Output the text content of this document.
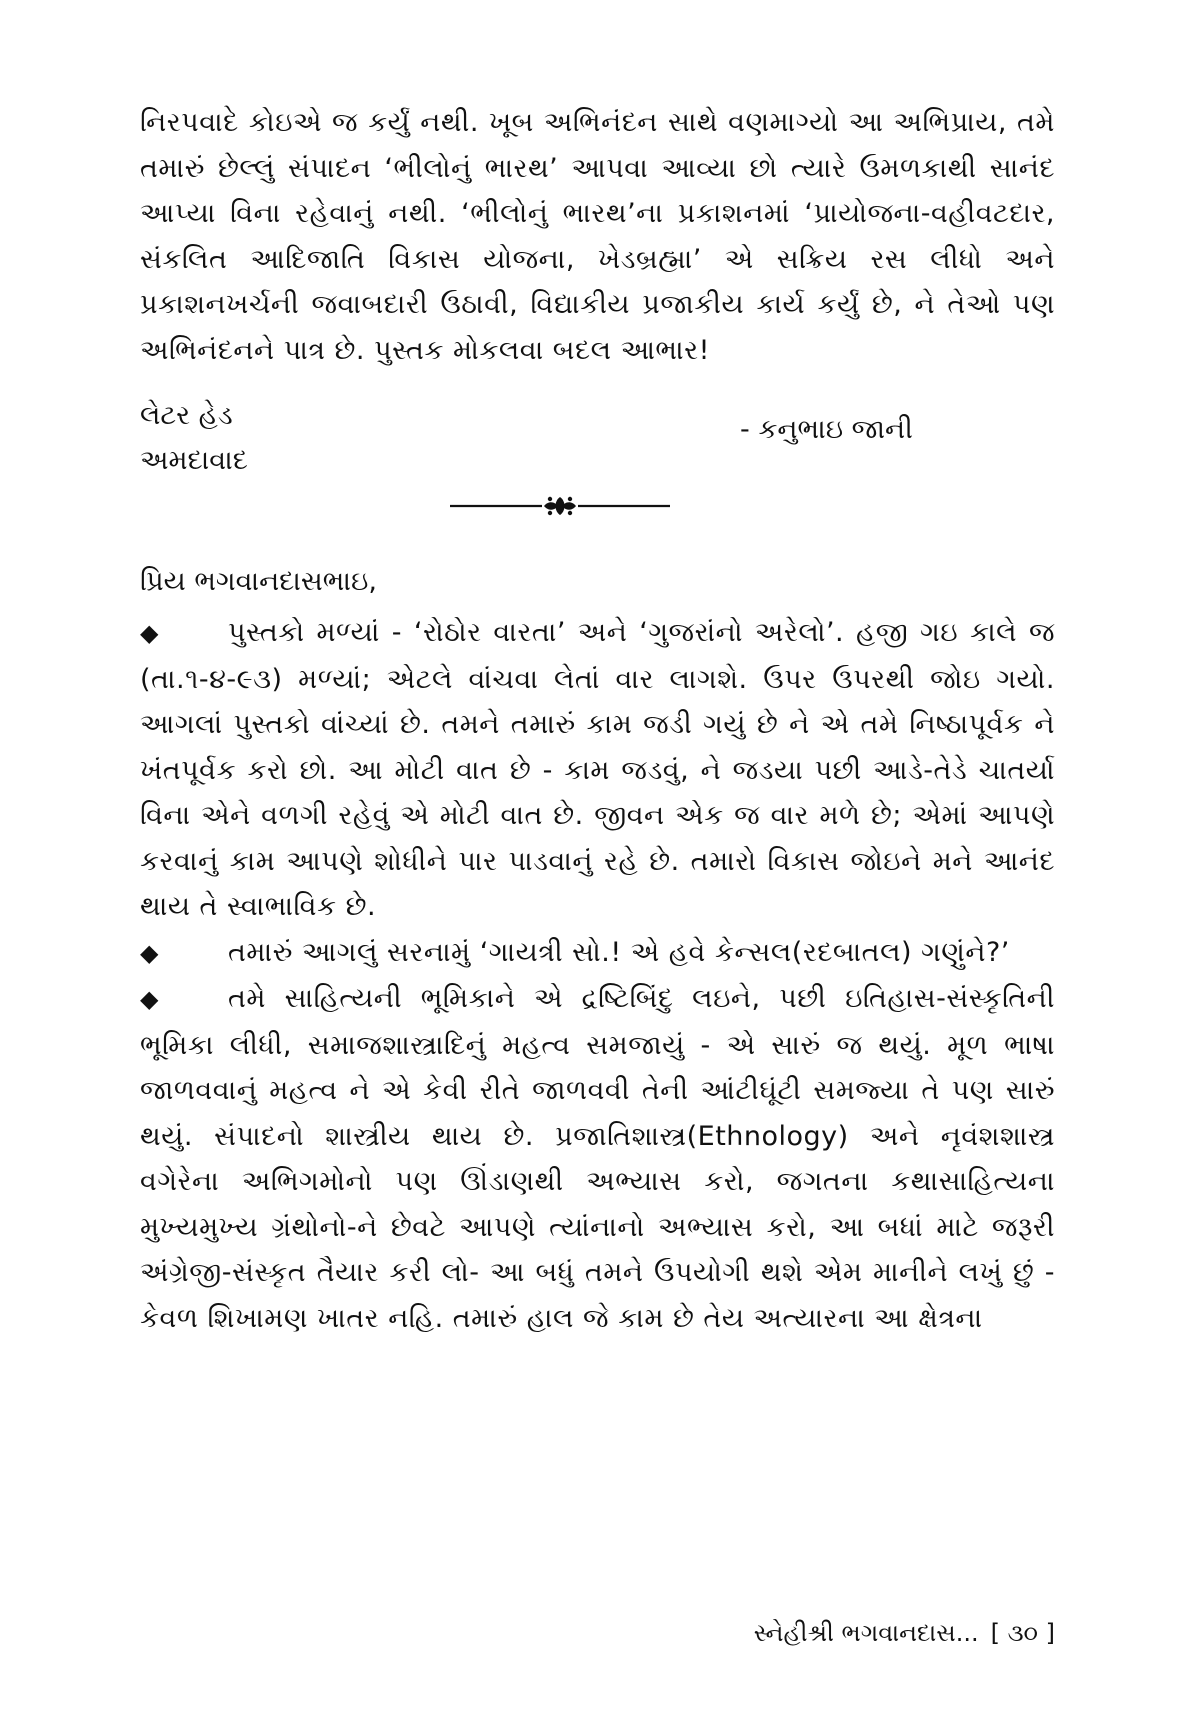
નિરપવાદે કોઇએ જ કર્યું નથી. ખૂબ અભિનંદન સાથે વણમાગ્યો આ અભિપ્રાય, તમે તમારું છેલ્લું સંપાદન ‘ભીલોનું ભારથ’ આપવા આવ્યા છો ત્યારે ઉમળકાથી સાનંદ આપ્યા વિના રહેવાનું નથી. ‘ભીલોનું ભારથ’ના પ્રકાશનમાં ‘પ્રાયોજના-વહીવટદાર, સંકલિત આદિજાતિ વિકાસ યોજના, ખેડબ્રહ્મા’ એ સક્રિય રસ લીધો અને પ્રકાશનખર્ચની જવાબદારી ઉઠાવી, વિદ્યાકીય પ્રજાકીય કાર્ય કર્યું છે, ને તેઓ પણ અભિનંદનને પાત્ર છે. પુસ્તક મોકલવા બદલ આભાર!

લેટર હેડ
અમદાવાદ
- કનુભાઇ જાની
પ્રિય ભગવાનદાસભાઇ,

◆	પુસ્તકો મળ્યાં - ‘રોઠોર વારતા’ અને ‘ગુજરાંનો અરેલો’. હજી ગઇ કાલે જ (તા.૧-૪-૯૩) મળ્યાં; એટલે વાંચવા લેતાં વાર લાગશે. ઉપર ઉપરથી જોઇ ગયો. આગલાં પુસ્તકો વાંચ્યાં છે. તમને તમારું કામ જડી ગયું છે ને એ તમે નિષ્ઠાપૂર્વક ને ખંતપૂર્વક કરો છો. આ મોટી વાત છે - કામ જડવું, ને જડયા પછી આડે-તેડે ચાતર્યા વિના એને વળગી રહેવું એ મોટી વાત છે. જીવન એક જ વાર મળે છે; એમાં આપણે કરવાનું કામ આપણે શોધીને પાર પાડવાનું રહે છે. તમારો વિકાસ જોઇને મને આનંદ થાય તે સ્વાભાવિક છે.

◆	તમારું આગલું સરનામું ‘ગાયત્રી સો.! એ હવે કેન્સલ(રદબાતલ) ગણુંને?’

◆	તમે સાહિત્યની ભૂમિકાને એ દ્રષ્ટિબિંદુ લઇને, પછી ઇતિહાસ-સંસ્કૃતિની ભૂમિકા લીધી, સમાજશાસ્ત્રાદિનું મહત્વ સમજાયું - એ સારું જ થયું. મૂળ ભાષા જાળવવાનું મહત્વ ને એ કેવી રીતે જાળવવી તેની આંટીઘૂંટી સમજ્યા તે પણ સારું થયું. સંપાદનો શાસ્ત્રીય થાય છે. પ્રજાતિશાસ્ત્ર(Ethnology) અને નૃવંશશાસ્ત્ર વગેરેના અભિગમોનો પણ ઊંડાણથી અભ્યાસ કરો, જગતના કથાસાહિત્યના મુખ્યમુખ્ય ગ્રંથોનો-ને છેવટે આપણે ત્યાંનાનો અભ્યાસ કરો, આ બધાં માટે જરૂરી અંગ્રેજી-સંસ્કૃત તૈયાર કરી લો- આ બધું તમને ઉપયોગી થશે એમ માનીને લખું છું - કેવળ શિખામણ ખાતર નહિ. તમારું હાલ જે કામ છે તેય અત્યારના આ ક્ષેત્રના

સ્નેહીશ્રી ભગવાનદાસ... [ ૩૦ ]
